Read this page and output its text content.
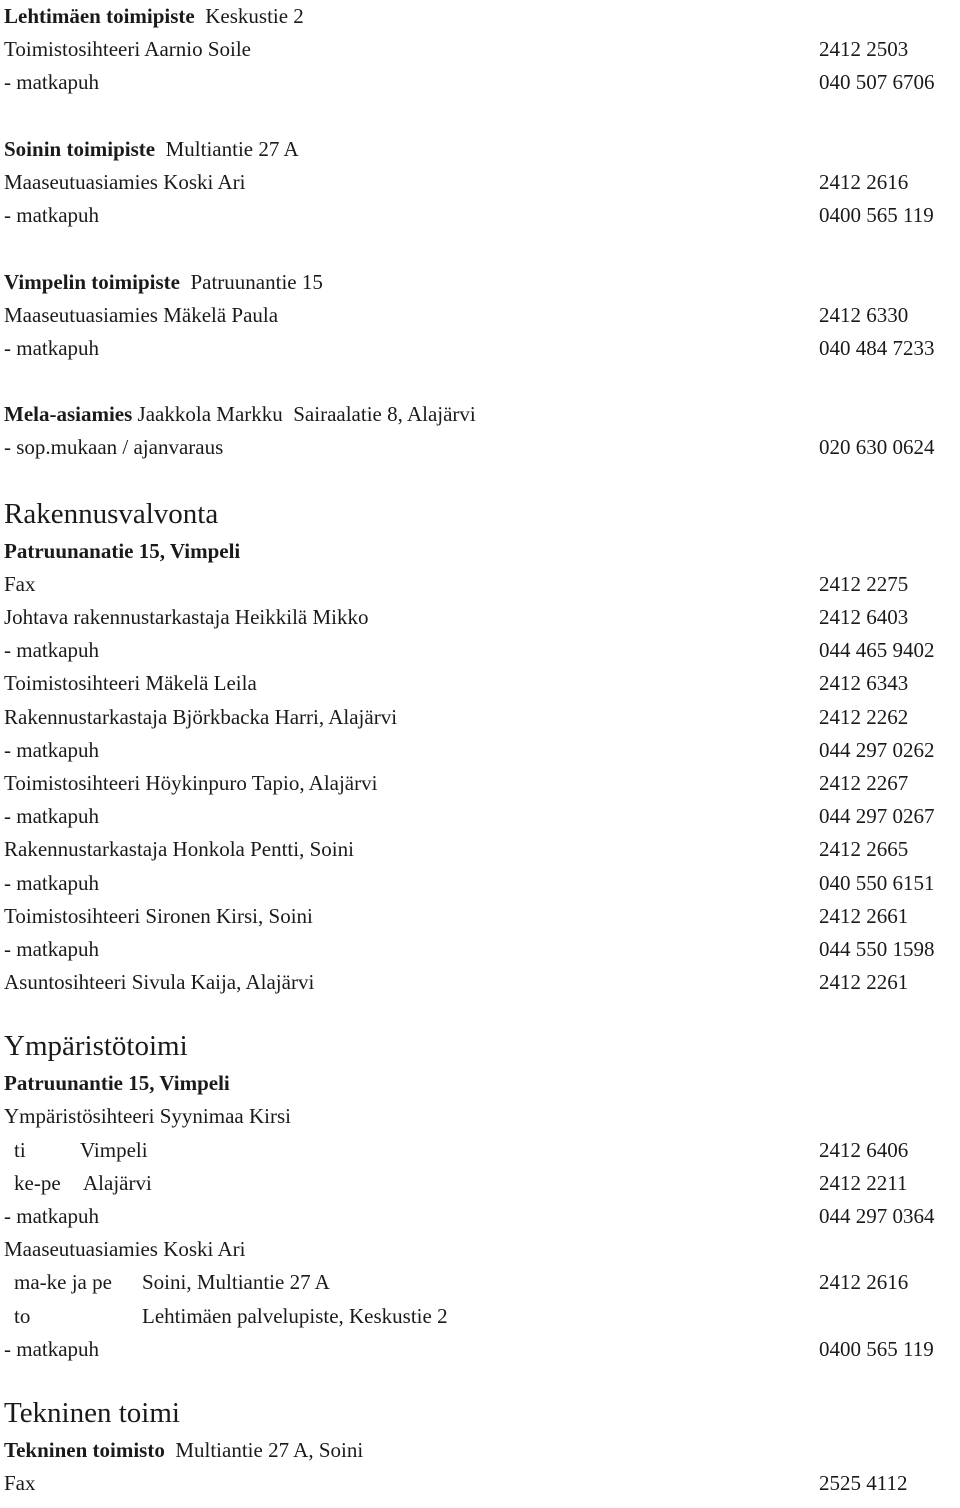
Lehtimäen toimipiste Keskustie 2
Toimistosihteeri Aarnio Soile	2412 2503
- matkapuh	040 507 6706
Soinin toimipiste Multiantie 27 A
Maaseutuasiamies Koski Ari	2412 2616
- matkapuh	0400 565 119
Vimpelin toimipiste Patruunantie 15
Maaseutuasiamies Mäkelä Paula	2412 6330
- matkapuh	040 484 7233
Mela-asiamies Jaakkola Markku  Sairaalatie 8, Alajärvi
- sop.mukaan / ajanvaraus	020 630 0624
Rakennusvalvonta
Patruunanatie 15, Vimpeli
Fax	2412 2275
Johtava rakennustarkastaja Heikkilä Mikko	2412 6403
- matkapuh	044 465 9402
Toimistosihteeri Mäkelä Leila	2412 6343
Rakennustarkastaja Björkbacka Harri, Alajärvi	2412 2262
- matkapuh	044 297 0262
Toimistosihteeri Höykinpuro Tapio, Alajärvi	2412 2267
- matkapuh	044 297 0267
Rakennustarkastaja Honkola Pentti, Soini	2412 2665
- matkapuh	040 550 6151
Toimistosihteeri Sironen Kirsi, Soini	2412 2661
- matkapuh	044 550 1598
Asuntosihteeri Sivula Kaija, Alajärvi	2412 2261
Ympäristötoimi
Patruunantie 15, Vimpeli
Ympäristösihteeri Syynimaa Kirsi
ti	Vimpeli	2412 6406
ke-pe Alajärvi	2412 2211
- matkapuh	044 297 0364
Maaseutuasiamies Koski Ari
ma-ke ja pe Soini, Multiantie 27 A	2412 2616
to	Lehtimäen palvelupiste, Keskustie 2
- matkapuh	0400 565 119
Tekninen toimi
Tekninen toimisto Multiantie 27 A, Soini
Fax	2525 4112
